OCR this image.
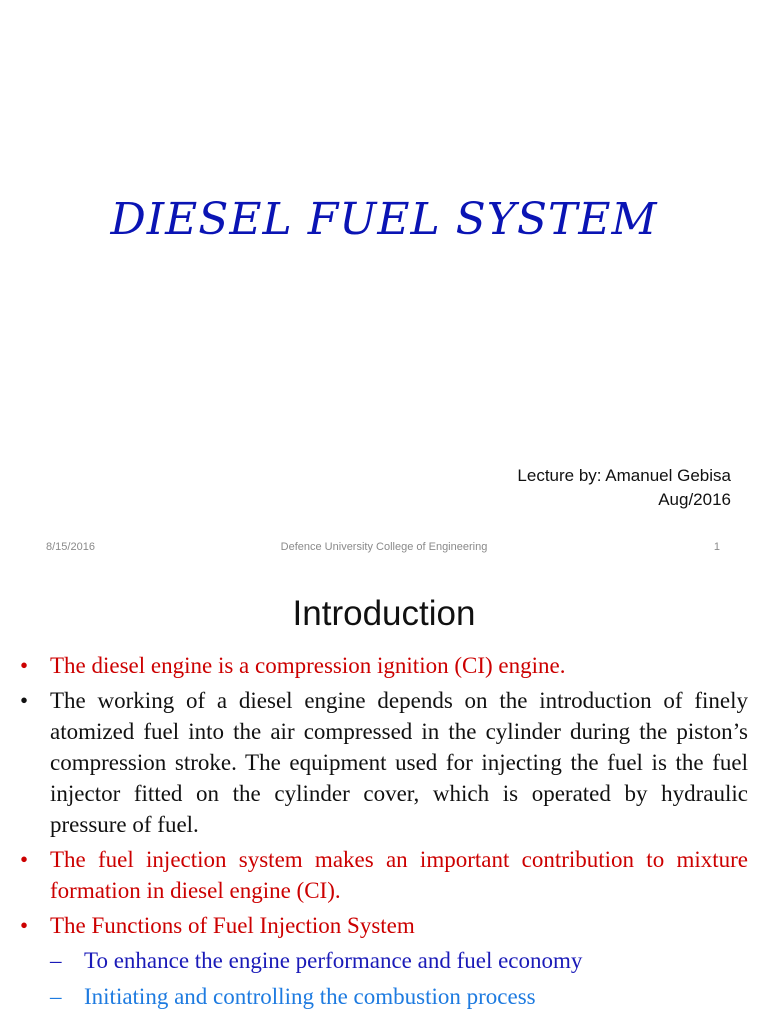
DIESEL FUEL SYSTEM
Lecture by: Amanuel Gebisa
Aug/2016
8/15/2016	Defence University College of Engineering	1
Introduction
• The diesel engine is a compression ignition (CI) engine.
• The working of a diesel engine depends on the introduction of finely atomized fuel into the air compressed in the cylinder during the piston’s compression stroke. The equipment used for injecting the fuel is the fuel injector fitted on the cylinder cover, which is operated by hydraulic pressure of fuel.
• The fuel injection system makes an important contribution to mixture formation in diesel engine (CI).
• The Functions of Fuel Injection System
– To enhance the engine performance and fuel economy
– Initiating and controlling the combustion process
